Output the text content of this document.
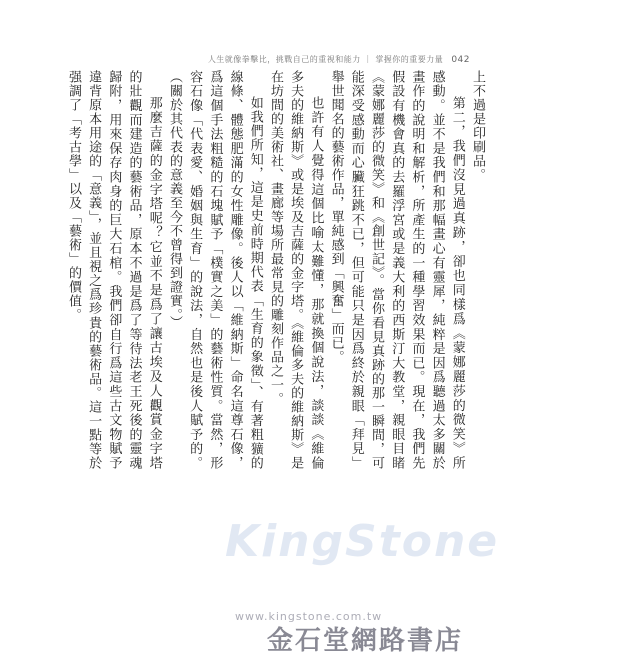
人生就像拳擊比，挑戰自己的重視和能力 ｜ 掌握你的重要力量 042

上不過是印刷品。

第二，我們沒見過真跡，卻也同樣爲《蒙娜麗莎的微笑》所感動。並不是我們和那幅畫心有靈犀，純粹是因爲聽過太多關於畫作的說明和解析，所產生的一種學習效果而已。現在，我們先假設有機會真的去羅浮宮或是義大利的西斯汀大教堂，親眼目睹《蒙娜麗莎的微笑》和《創世記》。當你看見真跡的那一瞬間，可能深受感動而心臟狂跳不已，但可能只是因爲終於親眼「拜見」舉世聞名的藝術作品，單純感到「興奮」而已。

也許有人覺得這個比喻太難懂，那就換個說法，談談《維倫多夫的維納斯》或是埃及吉薩的金字塔。《維倫多夫的維納斯》是在坊間的美術社、畫廊等場所最常見的雕刻作品之一。

如我們所知，這是史前時期代表「生育的象徵」、有著粗獷的線條、體態肥滿的女性雕像。後人以「維納斯」命名這尊石像，爲這個手法粗糙的石塊賦予「樸實之美」的藝術性質。當然，形容石像「代表愛、婚姻與生育」的說法，自然也是後人賦予的。（關於其代表的意義至今不曾得到證實。）

那麼吉薩的金字塔呢？它並不是爲了讓古埃及人觀賞金字塔的壯觀而建造的藝術品，原本不過是爲了等待法老王死後的靈魂歸附，用來保存肉身的巨大石棺。我們卻自行爲這些古文物賦予違背原本用途的「意義」，並且視之爲珍貴的藝術品。這一點等於强調了「考古學」以及「藝術」的價值。

KingStone
www.kingstone.com.tw
金石堂網路書店
